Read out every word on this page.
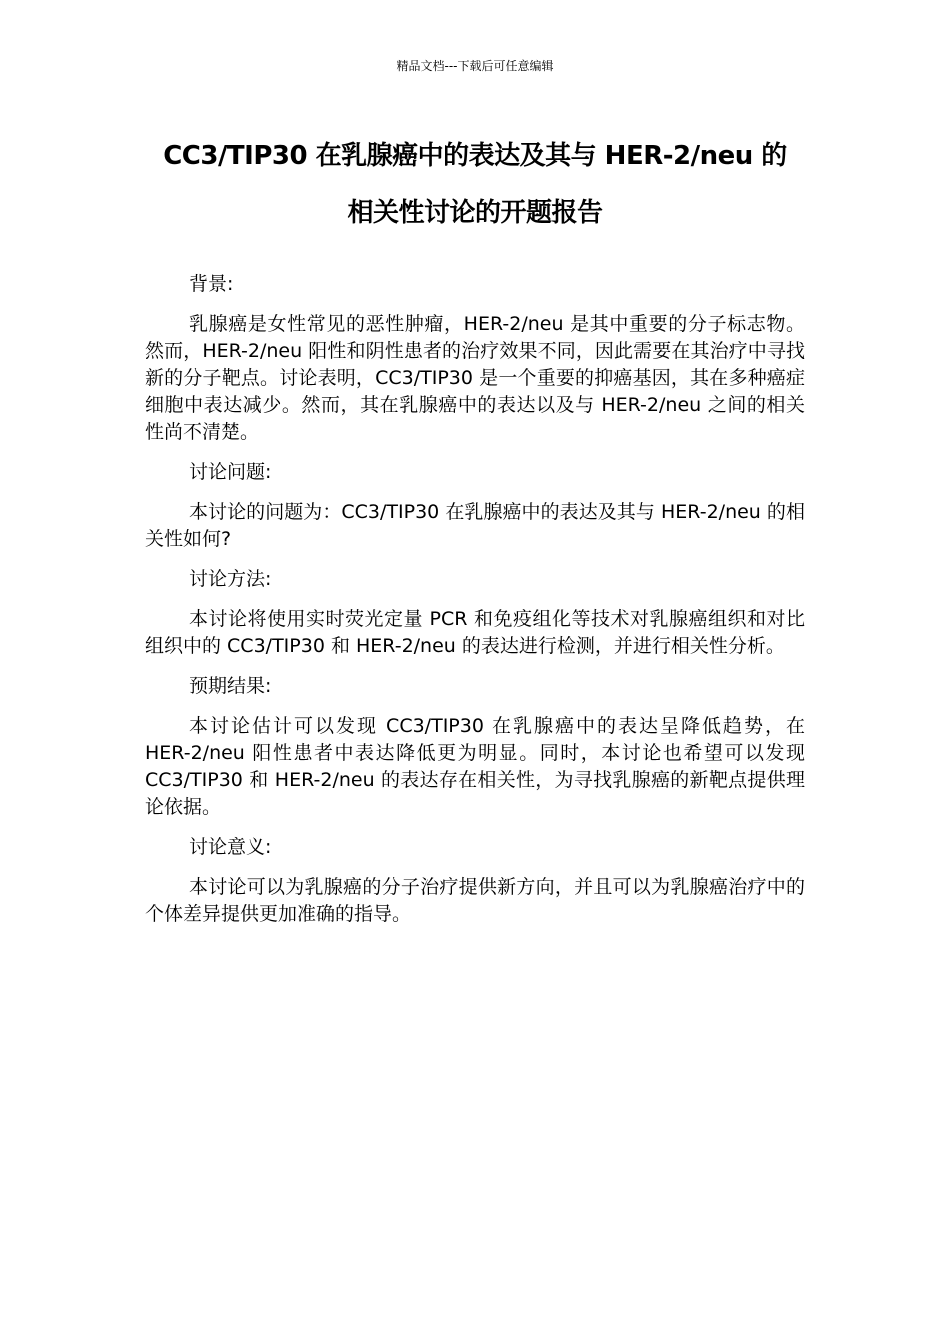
精品文档---下载后可任意编辑
CC3/TIP30 在乳腺癌中的表达及其与 HER-2/neu 的
相关性讨论的开题报告

背景:

乳腺癌是女性常见的恶性肿瘤，HER-2/neu 是其中重要的分子标志物。然而，HER-2/neu 阳性和阴性患者的治疗效果不同，因此需要在其治疗中寻找新的分子靶点。讨论表明，CC3/TIP30 是一个重要的抑癌基因，其在多种癌症细胞中表达减少。然而，其在乳腺癌中的表达以及与 HER-2/neu 之间的相关性尚不清楚。

讨论问题:

本讨论的问题为：CC3/TIP30 在乳腺癌中的表达及其与 HER-2/neu 的相关性如何?

讨论方法:

本讨论将使用实时荧光定量 PCR 和免疫组化等技术对乳腺癌组织和对比组织中的 CC3/TIP30 和 HER-2/neu 的表达进行检测，并进行相关性分析。

预期结果:

本讨论估计可以发现 CC3/TIP30 在乳腺癌中的表达呈降低趋势，在 HER-2/neu 阳性患者中表达降低更为明显。同时，本讨论也希望可以发现 CC3/TIP30 和 HER-2/neu 的表达存在相关性，为寻找乳腺癌的新靶点提供理论依据。

讨论意义:

本讨论可以为乳腺癌的分子治疗提供新方向，并且可以为乳腺癌治疗中的个体差异提供更加准确的指导。
